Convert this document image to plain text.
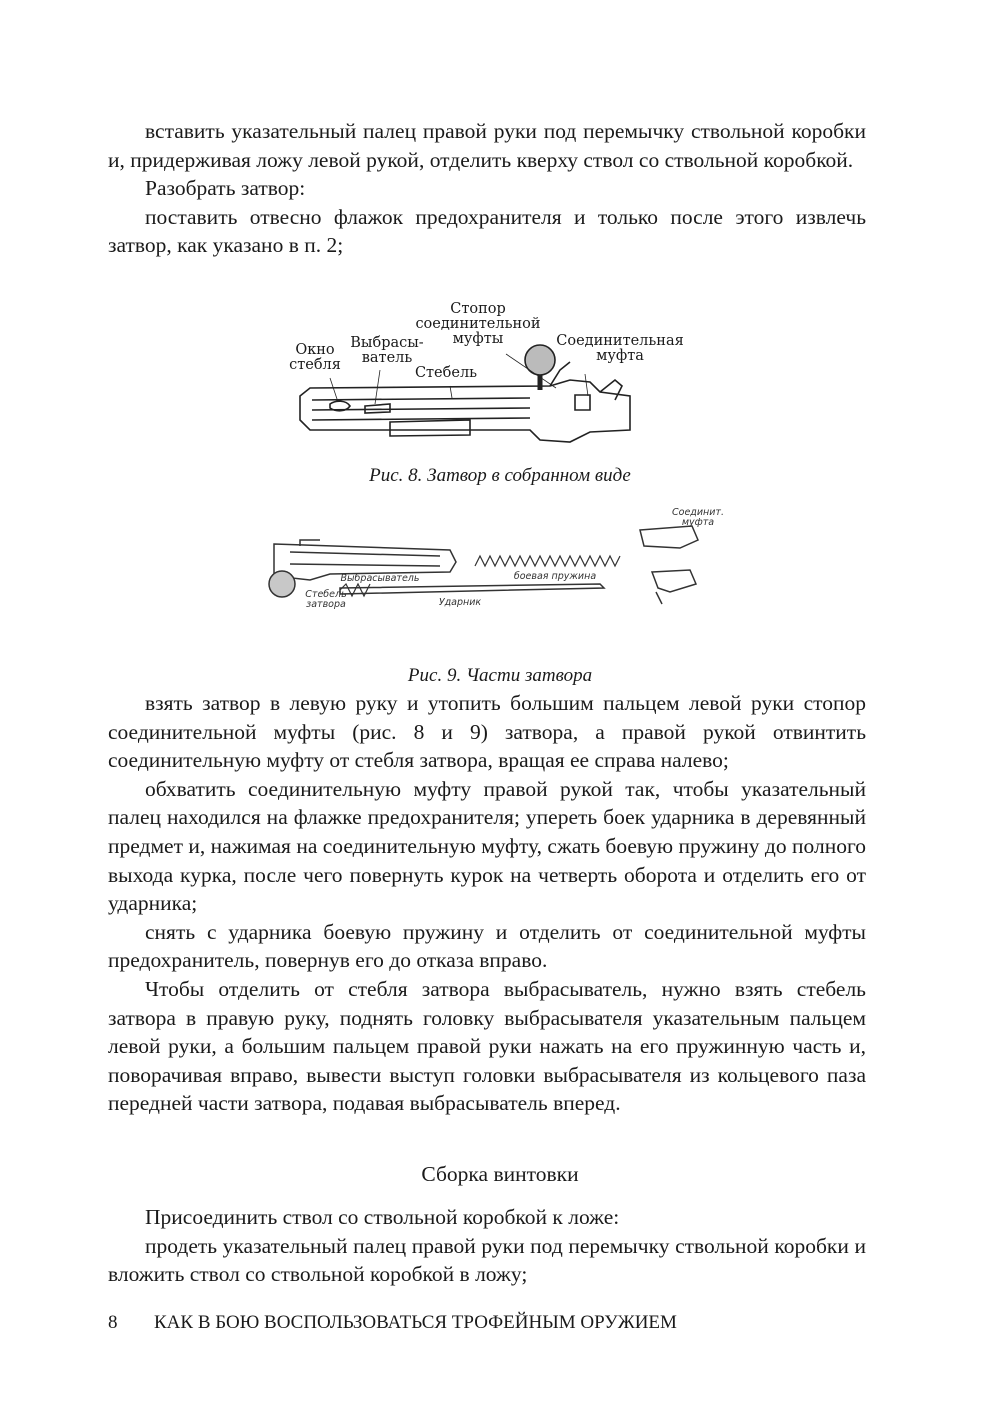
вставить указательный палец правой руки под перемычку ствольной коробки и, придерживая ложу левой рукой, отделить кверху ствол со ствольной коробкой.

Разобрать затвор:

поставить отвесно флажок предохранителя и только после этого извлечь затвор, как указано в п. 2;

Окно
стебля
Выбрасы-
ватель
Стебель
Стопор
соединительной
муфты	Соединительная
муфта
Рис. 8. Затвор в собранном виде
Стебель
затвора
Выбрасыватель
Ударник
боевая пружина
Соединит.
муфта
Рис. 9. Части затвора

взять затвор в левую руку и утопить большим пальцем левой руки стопор соединительной муфты (рис. 8 и 9) затвора, а правой рукой отвинтить соединительную муфту от стебля затвора, вращая ее справа налево;

обхватить соединительную муфту правой рукой так, чтобы указательный палец находился на флажке предохранителя; упереть боек ударника в деревянный предмет и, нажимая на соединительную муфту, сжать боевую пружину до полного выхода курка, после чего повернуть курок на четверть оборота и отделить его от ударника;

снять с ударника боевую пружину и отделить от соединительной муфты предохранитель, повернув его до отказа вправо.

Чтобы отделить от стебля затвора выбрасыватель, нужно взять стебель затвора в правую руку, поднять головку выбрасывателя указательным пальцем левой руки, а большим пальцем правой руки нажать на его пружинную часть и, поворачивая вправо, вывести выступ головки выбрасывателя из кольцевого паза передней части затвора, подавая выбрасыватель вперед.

Сборка винтовки

Присоединить ствол со ствольной коробкой к ложе:

продеть указательный палец правой руки под перемычку ствольной коробки и вложить ствол со ствольной коробкой в ложу;

8 КАК В БОЮ ВОСПОЛЬЗОВАТЬСЯ ТРОФЕЙНЫМ ОРУЖИЕМ
